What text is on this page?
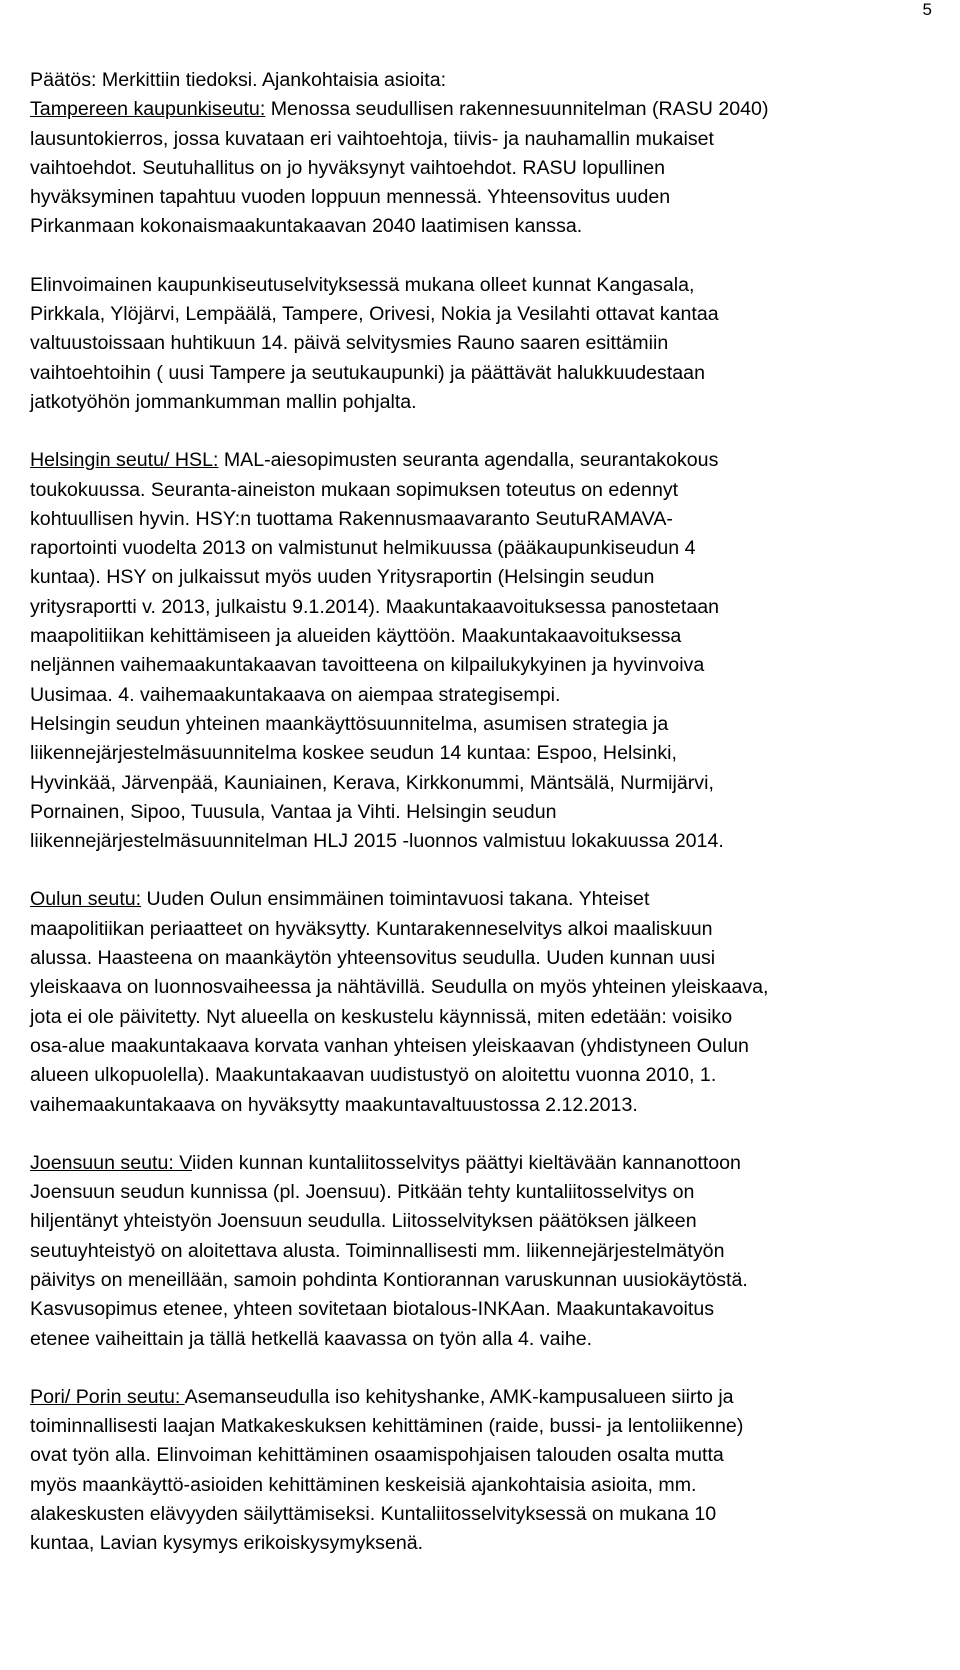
5

Päätös: Merkittiin tiedoksi. Ajankohtaisia asioita:
Tampereen kaupunkiseutu: Menossa seudullisen rakennesuunnitelman (RASU 2040)
lausuntokierros, jossa kuvataan eri vaihtoehtoja, tiivis- ja nauhamallin mukaiset
vaihtoehdot. Seutuhallitus on jo hyväksynyt vaihtoehdot. RASU lopullinen
hyväksyminen tapahtuu vuoden loppuun mennessä. Yhteensovitus uuden
Pirkanmaan kokonaismaakuntakaavan 2040 laatimisen kanssa.

Elinvoimainen kaupunkiseutuselvityksessä mukana olleet kunnat Kangasala,
Pirkkala, Ylöjärvi, Lempäälä, Tampere, Orivesi, Nokia ja Vesilahti ottavat kantaa
valtuustoissaan huhtikuun 14. päivä selvitysmies Rauno saaren esittämiin
vaihtoehtoihin ( uusi Tampere ja seutukaupunki) ja päättävät halukkuudestaan
jatkotyöhön jommankumman mallin pohjalta.

Helsingin seutu/ HSL: MAL-aiesopimusten seuranta agendalla, seurantakokous
toukokuussa. Seuranta-aineiston mukaan sopimuksen toteutus on edennyt
kohtuullisen hyvin. HSY:n tuottama Rakennusmaavaranto SeutuRAMAVA-
raportointi vuodelta 2013 on valmistunut helmikuussa (pääkaupunkiseudun 4
kuntaa). HSY on julkaissut myös uuden Yritysraportin (Helsingin seudun
yritysraportti v. 2013, julkaistu 9.1.2014). Maakuntakaavoituksessa panostetaan
maapolitiikan kehittämiseen ja alueiden käyttöön. Maakuntakaavoituksessa
neljännen vaihemaakuntakaavan tavoitteena on kilpailukykyinen ja hyvinvoiva
Uusimaa. 4. vaihemaakuntakaava on aiempaa strategisempi.
Helsingin seudun yhteinen maankäyttösuunnitelma, asumisen strategia ja
liikennejärjestelmäsuunnitelma koskee seudun 14 kuntaa: Espoo, Helsinki,
Hyvinkää, Järvenpää, Kauniainen, Kerava, Kirkkonummi, Mäntsälä, Nurmijärvi,
Pornainen, Sipoo, Tuusula, Vantaa ja Vihti. Helsingin seudun
liikennejärjestelmäsuunnitelman HLJ 2015 -luonnos valmistuu lokakuussa 2014.

Oulun seutu: Uuden Oulun ensimmäinen toimintavuosi takana. Yhteiset
maapolitiikan periaatteet on hyväksytty. Kuntarakenneselvitys alkoi maaliskuun
alussa. Haasteena on maankäytön yhteensovitus seudulla. Uuden kunnan uusi
yleiskaava on luonnosvaiheessa ja nähtävillä. Seudulla on myös yhteinen yleiskaava,
jota ei ole päivitetty. Nyt alueella on keskustelu käynnissä, miten edetään: voisiko
osa-alue maakuntakaava korvata vanhan yhteisen yleiskaavan (yhdistyneen Oulun
alueen ulkopuolella). Maakuntakaavan uudistustyö on aloitettu vuonna 2010, 1.
vaihemaakuntakaava on hyväksytty maakuntavaltuustossa 2.12.2013.

Joensuun seutu: Viiden kunnan kuntaliitosselvitys päättyi kieltävään kannanottoon
Joensuun seudun kunnissa (pl. Joensuu). Pitkään tehty kuntaliitosselvitys on
hiljentänyt yhteistyön Joensuun seudulla. Liitosselvityksen päätöksen jälkeen
seutuyhteistyö on aloitettava alusta. Toiminnallisesti mm. liikennejärjestelmätyön
päivitys on meneillään, samoin pohdinta Kontiorannan varuskunnan uusiokäytöstä.
Kasvusopimus etenee, yhteen sovitetaan biotalous-INKAan. Maakuntakavoitus
etenee vaiheittain ja tällä hetkellä kaavassa on työn alla 4. vaihe.

Pori/ Porin seutu: Asemanseudulla iso kehityshanke, AMK-kampusalueen siirto ja
toiminnallisesti laajan Matkakeskuksen kehittäminen (raide, bussi- ja lentoliikenne)
ovat työn alla. Elinvoiman kehittäminen osaamispohjaisen talouden osalta mutta
myös maankäyttö-asioiden kehittäminen keskeisiä ajankohtaisia asioita, mm.
alakeskusten elävyyden säilyttämiseksi. Kuntaliitosselvityksessä on mukana 10
kuntaa, Lavian kysymys erikoiskysymyksenä.
